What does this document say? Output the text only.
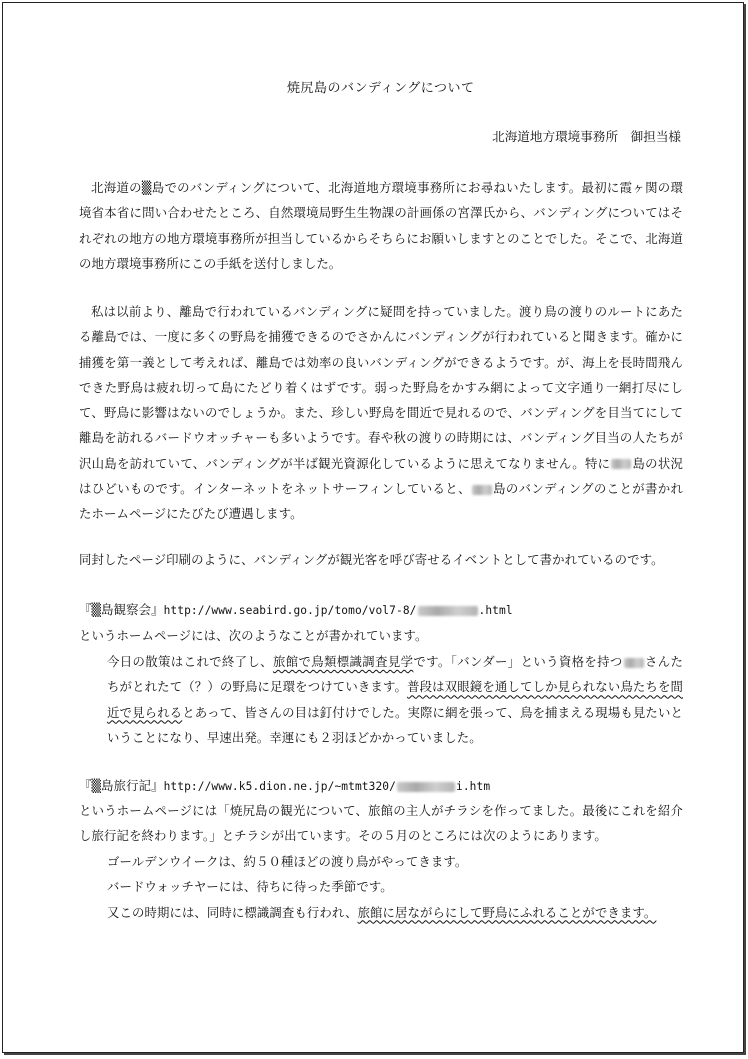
焼尻島のバンディングについて
北海道地方環境事務所　御担当様
北海道の▒島でのバンディングについて、北海道地方環境事務所にお尋ねいたします。最初に霞ヶ関の環境省本省に問い合わせたところ、自然環境局野生生物課の計画係の宮澤氏から、バンディングについてはそれぞれの地方の地方環境事務所が担当しているからそちらにお願いしますとのことでした。そこで、北海道の地方環境事務所にこの手紙を送付しました。
私は以前より、離島で行われているバンディングに疑問を持っていました。渡り鳥の渡りのルートにあたる離島では、一度に多くの野鳥を捕獲できるのでさかんにバンディングが行われていると聞きます。確かに捕獲を第一義として考えれば、離島では効率の良いバンディングができるようです。が、海上を長時間飛んできた野鳥は疲れ切って島にたどり着くはずです。弱った野鳥をかすみ網によって文字通り一網打尽にして、野鳥に影響はないのでしょうか。また、珍しい野鳥を間近で見れるので、バンディングを目当てにして離島を訪れるバードウオッチャーも多いようです。春や秋の渡りの時期には、バンディング目当の人たちが沢山島を訪れていて、バンディングが半ば観光資源化しているように思えてなりません。特に 島の状況はひどいものです。インターネットをネットサーフィンしていると、 島のバンディングのことが書かれたホームページにたびたび遭遇します。
同封したページ印刷のように、バンディングが観光客を呼び寄せるイベントとして書かれているのです。
『▒島観察会』http://www.seabird.go.jp/tomo/vol7-8/	.html
というホームページには、次のようなことが書かれています。
今日の散策はこれで終了し、旅館で鳥類標識調査見学です。「バンダー」という資格を持つ さんたちがとれたて（？）の野鳥に足環をつけていきます。普段は双眼鏡を通してしか見られない鳥たちを間近で見られるとあって、皆さんの目は釘付けでした。実際に網を張って、鳥を捕まえる現場も見たいということになり、早速出発。幸運にも２羽ほどかかっていました。
『▒島旅行記』http://www.k5.dion.ne.jp/~mtmt320/	i.htm
というホームページには「焼尻島の観光について、旅館の主人がチラシを作ってました。最後にこれを紹介し旅行記を終わります。」とチラシが出ています。その５月のところには次のようにあります。
ゴールデンウイークは、約５０種ほどの渡り鳥がやってきます。
バードウォッチヤーには、待ちに待った季節です。
又この時期には、同時に標識調査も行われ、旅館に居ながらにして野鳥にふれることができます。
